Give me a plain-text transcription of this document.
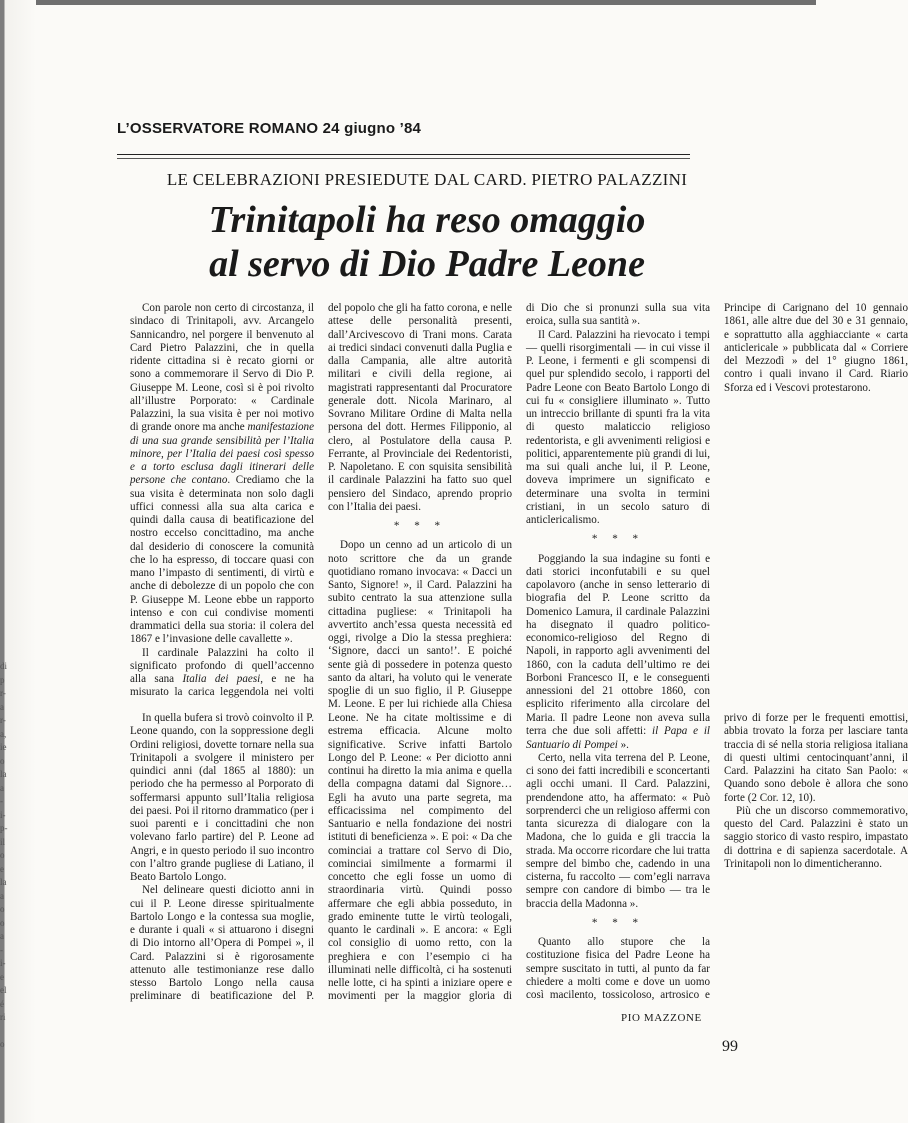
di
p
r-
a
r-
a,
ie
o
la
a
-
i-
p-
il
o
e
la
a
o
o
a
-
i-
e
el
é
ri
o
L’OSSERVATORE ROMANO 24 giugno ’84
LE CELEBRAZIONI PRESIEDUTE DAL CARD. PIETRO PALAZZINI
Trinitapoli ha reso omaggio
al servo di Dio Padre Leone

Con parole non certo di circostanza, il sindaco di Trinitapoli, avv. Arcangelo Sannicandro, nel porgere il benvenuto al Card Pietro Palazzini, che in quella ridente cittadina si è recato giorni or sono a commemorare il Servo di Dio P. Giuseppe M. Leone, così si è poi rivolto all’illustre Porporato: « Cardinale Palazzini, la sua visita è per noi motivo di grande onore ma anche manifestazione di una sua grande sensibilità per l’Italia minore, per l’Italia dei paesi così spesso e a torto esclusa dagli itinerari delle persone che contano. Crediamo che la sua visita è determinata non solo dagli uffici connessi alla sua alta carica e quindi dalla causa di beatificazione del nostro eccelso concittadino, ma anche dal desiderio di conoscere la comunità che lo ha espresso, di toccare quasi con mano l’impasto di sentimenti, di virtù e anche di debolezze di un popolo che con P. Giuseppe M. Leone ebbe un rapporto intenso e con cui condivise momenti drammatici della sua storia: il colera del 1867 e l’invasione delle cavallette ».

Il cardinale Palazzini ha colto il significato profondo di quell’accenno alla sana Italia dei paesi, e ne ha misurato la carica leggendola nei volti del popolo che gli ha fatto corona, e nelle attese delle personalità presenti, dall’Arcivescovo di Trani mons. Carata ai tredici sindaci convenuti dalla Puglia e dalla Campania, alle altre autorità militari e civili della regione, ai magistrati rappresentanti dal Procuratore generale dott. Nicola Marinaro, al Sovrano Militare Ordine di Malta nella persona del dott. Hermes Filipponio, al clero, al Postulatore della causa P. Ferrante, al Provinciale dei Redentoristi, P. Napoletano. E con squisita sensibilità il cardinale Palazzini ha fatto suo quel pensiero del Sindaco, aprendo proprio con l’Italia dei paesi.

* * *

Dopo un cenno ad un articolo di un noto scrittore che da un grande quotidiano romano invocava: « Dacci un Santo, Signore! », il Card. Palazzini ha subito centrato la sua attenzione sulla cittadina pugliese: « Trinitapoli ha avvertito anch’essa questa necessità ed oggi, rivolge a Dio la stessa preghiera: ‘Signore, dacci un santo!’. E poiché sente già di possedere in potenza questo santo da altari, ha voluto qui le venerate spoglie di un suo figlio, il P. Giuseppe M. Leone. E per lui richiede alla Chiesa di Dio che si pronunzi sulla sua vita eroica, sulla sua santità ».

Il Card. Palazzini ha rievocato i tempi — quelli risorgimentali — in cui visse il P. Leone, i fermenti e gli scompensi di quel pur splendido secolo, i rapporti del Padre Leone con Beato Bartolo Longo di cui fu « consigliere illuminato ». Tutto un intreccio brillante di spunti fra la vita di questo malaticcio religioso redentorista, e gli avvenimenti religiosi e politici, apparentemente più grandi di lui, ma sui quali anche lui, il P. Leone, doveva imprimere un significato e determinare una svolta in termini cristiani, in un secolo saturo di anticlericalismo.

* * *

Poggiando la sua indagine su fonti e dati storici inconfutabili e su quel capolavoro (anche in senso letterario di biografia del P. Leone scritto da Domenico Lamura, il cardinale Palazzini ha disegnato il quadro politico-economico-religioso del Regno di Napoli, in rapporto agli avvenimenti del 1860, con la caduta dell’ultimo re dei Borboni Francesco II, e le conseguenti annessioni del 21 ottobre 1860, con esplicito riferimento alla circolare del Principe di Carignano del 10 gennaio 1861, alle altre due del 30 e 31 gennaio, e soprattutto alla agghiacciante « carta anticlericale » pubblicata dal « Corriere del Mezzodì » del 1° giugno 1861, contro i quali invano il Card. Riario Sforza ed i Vescovi protestarono.

In quella bufera si trovò coinvolto il P. Leone quando, con la soppressione degli Ordini religiosi, dovette tornare nella sua Trinitapoli a svolgere il ministero per quindici anni (dal 1865 al 1880): un periodo che ha permesso al Porporato di soffermarsi appunto sull’Italia religiosa dei paesi. Poi il ritorno drammatico (per i suoi parenti e i concittadini che non volevano farlo partire) del P. Leone ad Angri, e in questo periodo il suo incontro con l’altro grande pugliese di Latiano, il Beato Bartolo Longo.

Nel delineare questi diciotto anni in cui il P. Leone diresse spiritualmente Bartolo Longo e la contessa sua moglie, e durante i quali « si attuarono i disegni di Dio intorno all’Opera di Pompei », il Card. Palazzini si è rigorosamente attenuto alle testimonianze rese dallo stesso Bartolo Longo nella causa preliminare di beatificazione del P. Leone. Ne ha citate moltissime e di estrema efficacia. Alcune molto significative. Scrive infatti Bartolo Longo del P. Leone: « Per diciotto anni continui ha diretto la mia anima e quella della compagna datami dal Signore… Egli ha avuto una parte segreta, ma efficacissima nel compimento del Santuario e nella fondazione dei nostri istituti di beneficienza ». E poi: « Da che cominciai a trattare col Servo di Dio, cominciai similmente a formarmi il concetto che egli fosse un uomo di straordinaria virtù. Quindi posso affermare che egli abbia posseduto, in grado eminente tutte le virtù teologali, quanto le cardinali ». E ancora: « Egli col consiglio di uomo retto, con la preghiera e con l’esempio ci ha illuminati nelle difficoltà, ci ha sostenuti nelle lotte, ci ha spinti a iniziare opere e movimenti per la maggior gloria di Maria. Il padre Leone non aveva sulla terra che due soli affetti: il Papa e il Santuario di Pompei ».

Certo, nella vita terrena del P. Leone, ci sono dei fatti incredibili e sconcertanti agli occhi umani. Il Card. Palazzini, prendendone atto, ha affermato: « Può sorprenderci che un religioso affermi con tanta sicurezza di dialogare con la Madona, che lo guida e gli traccia la strada. Ma occorre ricordare che lui tratta sempre del bimbo che, cadendo in una cisterna, fu raccolto — com’egli narrava sempre con candore di bimbo — tra le braccia della Madonna ».

* * *

Quanto allo stupore che la costituzione fisica del Padre Leone ha sempre suscitato in tutti, al punto da far chiedere a molti come e dove un uomo così macilento, tossicoloso, artrosico e privo di forze per le frequenti emottisi, abbia trovato la forza per lasciare tanta traccia di sé nella storia religiosa italiana di questi ultimi centocinquant’anni, il Card. Palazzini ha citato San Paolo: « Quando sono debole è allora che sono forte (2 Cor. 12, 10).

Più che un discorso commemorativo, questo del Card. Palazzini è stato un saggio storico di vasto respiro, impastato di dottrina e di sapienza sacerdotale. A Trinitapoli non lo dimenticheranno.

PIO MAZZONE
99
